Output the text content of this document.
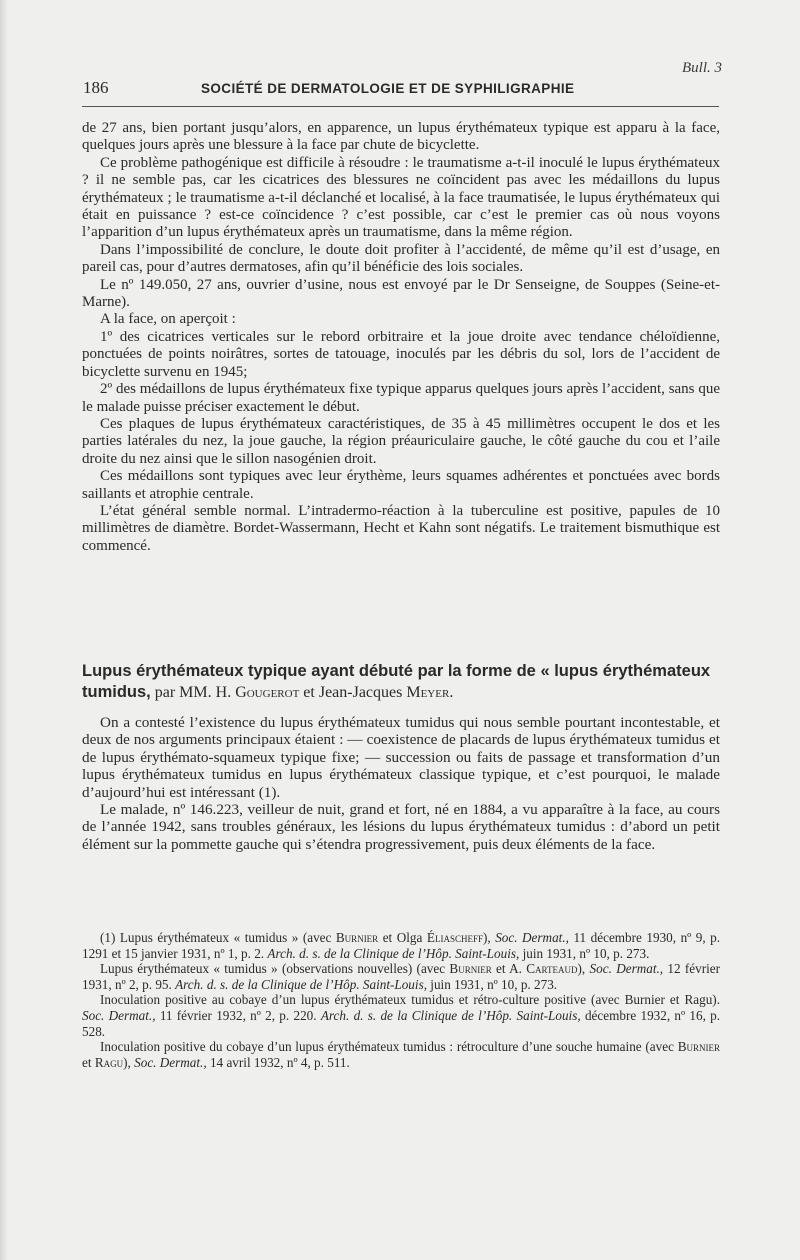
Bull. 3
186	SOCIÉTÉ DE DERMATOLOGIE ET DE SYPHILIGRAPHIE

de 27 ans, bien portant jusqu’alors, en apparence, un lupus érythémateux typique est apparu à la face, quelques jours après une blessure à la face par chute de bicyclette.

Ce problème pathogénique est difficile à résoudre : le traumatisme a-t-il inoculé le lupus érythémateux ? il ne semble pas, car les cicatrices des blessures ne coïncident pas avec les médaillons du lupus érythémateux ; le traumatisme a-t-il déclanché et localisé, à la face traumatisée, le lupus érythémateux qui était en puissance ? est-ce coïncidence ? c’est possible, car c’est le premier cas où nous voyons l’apparition d’un lupus érythémateux après un traumatisme, dans la même région.

Dans l’impossibilité de conclure, le doute doit profiter à l’accidenté, de même qu’il est d’usage, en pareil cas, pour d’autres dermatoses, afin qu’il bénéficie des lois sociales.

Le nº 149.050, 27 ans, ouvrier d’usine, nous est envoyé par le Dr Senseigne, de Souppes (Seine-et-Marne).

A la face, on aperçoit :

1º des cicatrices verticales sur le rebord orbitraire et la joue droite avec tendance chéloïdienne, ponctuées de points noirâtres, sortes de tatouage, inoculés par les débris du sol, lors de l’accident de bicyclette survenu en 1945;

2º des médaillons de lupus érythémateux fixe typique apparus quelques jours après l’accident, sans que le malade puisse préciser exactement le début.

Ces plaques de lupus érythémateux caractéristiques, de 35 à 45 millimètres occupent le dos et les parties latérales du nez, la joue gauche, la région préauriculaire gauche, le côté gauche du cou et l’aile droite du nez ainsi que le sillon nasogénien droit.

Ces médaillons sont typiques avec leur érythème, leurs squames adhérentes et ponctuées avec bords saillants et atrophie centrale.

L’état général semble normal. L’intradermo-réaction à la tuberculine est positive, papules de 10 millimètres de diamètre. Bordet-Wassermann, Hecht et Kahn sont négatifs. Le traitement bismuthique est commencé.

Lupus érythémateux typique ayant débuté par la forme de « lupus érythémateux tumidus, par MM. H. Gougerot et Jean-Jacques Meyer.

On a contesté l’existence du lupus érythémateux tumidus qui nous semble pourtant incontestable, et deux de nos arguments principaux étaient : — coexistence de placards de lupus érythémateux tumidus et de lupus érythémato-squameux typique fixe; — succession ou faits de passage et transformation d’un lupus érythémateux tumidus en lupus érythémateux classique typique, et c’est pourquoi, le malade d’aujourd’hui est intéressant (1).

Le malade, nº 146.223, veilleur de nuit, grand et fort, né en 1884, a vu apparaître à la face, au cours de l’année 1942, sans troubles généraux, les lésions du lupus érythémateux tumidus : d’abord un petit élément sur la pommette gauche qui s’étendra progressivement, puis deux éléments de la face.

(1) Lupus érythémateux « tumidus » (avec Burnier et Olga Éliascheff), Soc. Dermat., 11 décembre 1930, nº 9, p. 1291 et 15 janvier 1931, nº 1, p. 2. Arch. d. s. de la Clinique de l’Hôp. Saint-Louis, juin 1931, nº 10, p. 273.

Lupus érythémateux « tumidus » (observations nouvelles) (avec Burnier et A. Carteaud), Soc. Dermat., 12 février 1931, nº 2, p. 95. Arch. d. s. de la Clinique de l’Hôp. Saint-Louis, juin 1931, nº 10, p. 273.

Inoculation positive au cobaye d’un lupus érythémateux tumidus et rétro-culture positive (avec Burnier et Ragu). Soc. Dermat., 11 février 1932, nº 2, p. 220. Arch. d. s. de la Clinique de l’Hôp. Saint-Louis, décembre 1932, nº 16, p. 528.

Inoculation positive du cobaye d’un lupus érythémateux tumidus : rétroculture d’une souche humaine (avec Burnier et Ragu), Soc. Dermat., 14 avril 1932, nº 4, p. 511.
